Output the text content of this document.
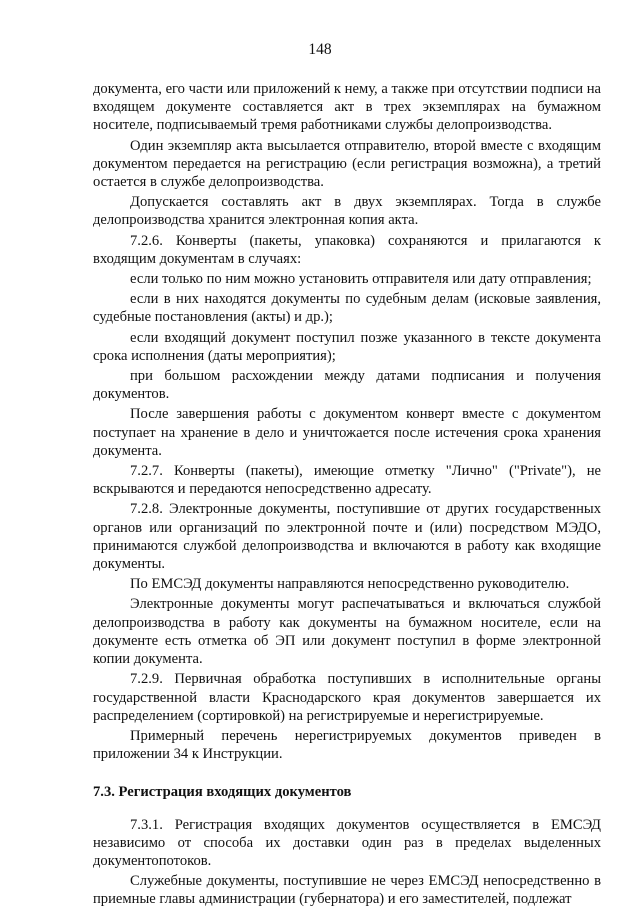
148
документа, его части или приложений к нему, а также при отсутствии подписи на входящем документе составляется акт в трех экземплярах на бумажном носителе, подписываемый тремя работниками службы делопроизводства.
Один экземпляр акта высылается отправителю, второй вместе с входящим документом передается на регистрацию (если регистрация возможна), а третий остается в службе делопроизводства.
Допускается составлять акт в двух экземплярах. Тогда в службе делопроизводства хранится электронная копия акта.
7.2.6. Конверты (пакеты, упаковка) сохраняются и прилагаются к входящим документам в случаях:
если только по ним можно установить отправителя или дату отправления;
если в них находятся документы по судебным делам (исковые заявления, судебные постановления (акты) и др.);
если входящий документ поступил позже указанного в тексте документа срока исполнения (даты мероприятия);
при большом расхождении между датами подписания и получения документов.
После завершения работы с документом конверт вместе с документом поступает на хранение в дело и уничтожается после истечения срока хранения документа.
7.2.7. Конверты (пакеты), имеющие отметку "Лично" ("Private"), не вскрываются и передаются непосредственно адресату.
7.2.8. Электронные документы, поступившие от других государственных органов или организаций по электронной почте и (или) посредством МЭДО, принимаются службой делопроизводства и включаются в работу как входящие документы.
По ЕМСЭД документы направляются непосредственно руководителю.
Электронные документы могут распечатываться и включаться службой делопроизводства в работу как документы на бумажном носителе, если на документе есть отметка об ЭП или документ поступил в форме электронной копии документа.
7.2.9. Первичная обработка поступивших в исполнительные органы государственной власти Краснодарского края документов завершается их распределением (сортировкой) на регистрируемые и нерегистрируемые.
Примерный перечень нерегистрируемых документов приведен в приложении 34 к Инструкции.
7.3. Регистрация входящих документов
7.3.1. Регистрация входящих документов осуществляется в ЕМСЭД независимо от способа их доставки один раз в пределах выделенных документопотоков.
Служебные документы, поступившие не через ЕМСЭД непосредственно в приемные главы администрации (губернатора) и его заместителей, подлежат
